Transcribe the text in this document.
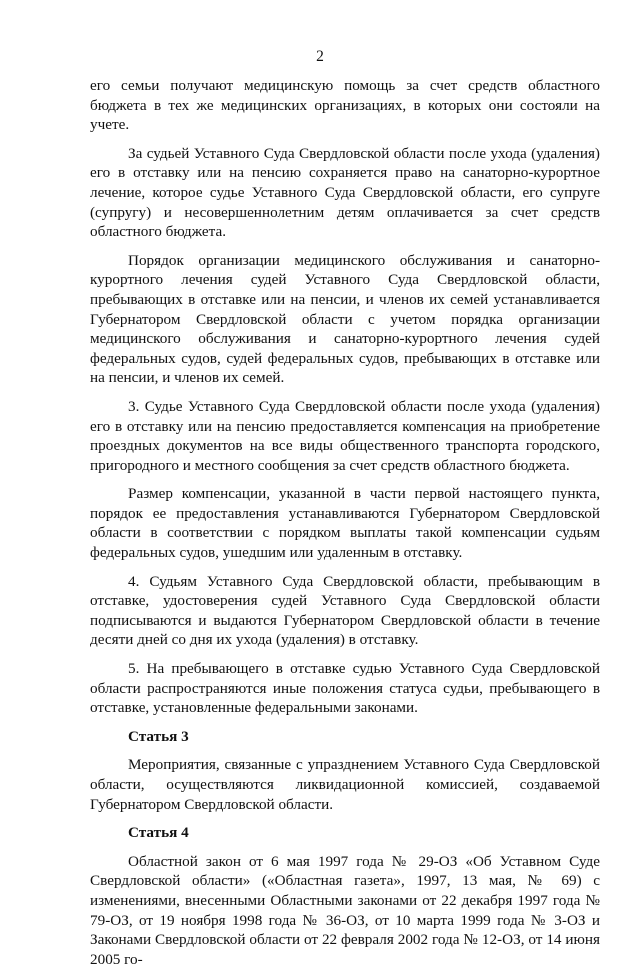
2

его семьи получают медицинскую помощь за счет средств областного бюджета в тех же медицинских организациях, в которых они состояли на учете.

За судьей Уставного Суда Свердловской области после ухода (удаления) его в отставку или на пенсию сохраняется право на санаторно-курортное лечение, которое судье Уставного Суда Свердловской области, его супруге (супругу) и несовершеннолетним детям оплачивается за счет средств областного бюджета.

Порядок организации медицинского обслуживания и санаторно-курортного лечения судей Уставного Суда Свердловской области, пребывающих в отставке или на пенсии, и членов их семей устанавливается Губернатором Свердловской области с учетом порядка организации медицинского обслуживания и санаторно-курортного лечения судей федеральных судов, судей федеральных судов, пребывающих в отставке или на пенсии, и членов их семей.

3. Судье Уставного Суда Свердловской области после ухода (удаления) его в отставку или на пенсию предоставляется компенсация на приобретение проездных документов на все виды общественного транспорта городского, пригородного и местного сообщения за счет средств областного бюджета.

Размер компенсации, указанной в части первой настоящего пункта, порядок ее предоставления устанавливаются Губернатором Свердловской области в соответствии с порядком выплаты такой компенсации судьям федеральных судов, ушедшим или удаленным в отставку.

4. Судьям Уставного Суда Свердловской области, пребывающим в отставке, удостоверения судей Уставного Суда Свердловской области подписываются и выдаются Губернатором Свердловской области в течение десяти дней со дня их ухода (удаления) в отставку.

5. На пребывающего в отставке судью Уставного Суда Свердловской области распространяются иные положения статуса судьи, пребывающего в отставке, установленные федеральными законами.

Статья 3

Мероприятия, связанные с упразднением Уставного Суда Свердловской области, осуществляются ликвидационной комиссией, создаваемой Губернатором Свердловской области.

Статья 4

Областной закон от 6 мая 1997 года № 29-ОЗ «Об Уставном Суде Свердловской области» («Областная газета», 1997, 13 мая, № 69) с изменениями, внесенными Областными законами от 22 декабря 1997 года № 79-ОЗ, от 19 ноября 1998 года № 36-ОЗ, от 10 марта 1999 года № 3-ОЗ и Законами Свердловской области от 22 февраля 2002 года № 12-ОЗ, от 14 июня 2005 го-
